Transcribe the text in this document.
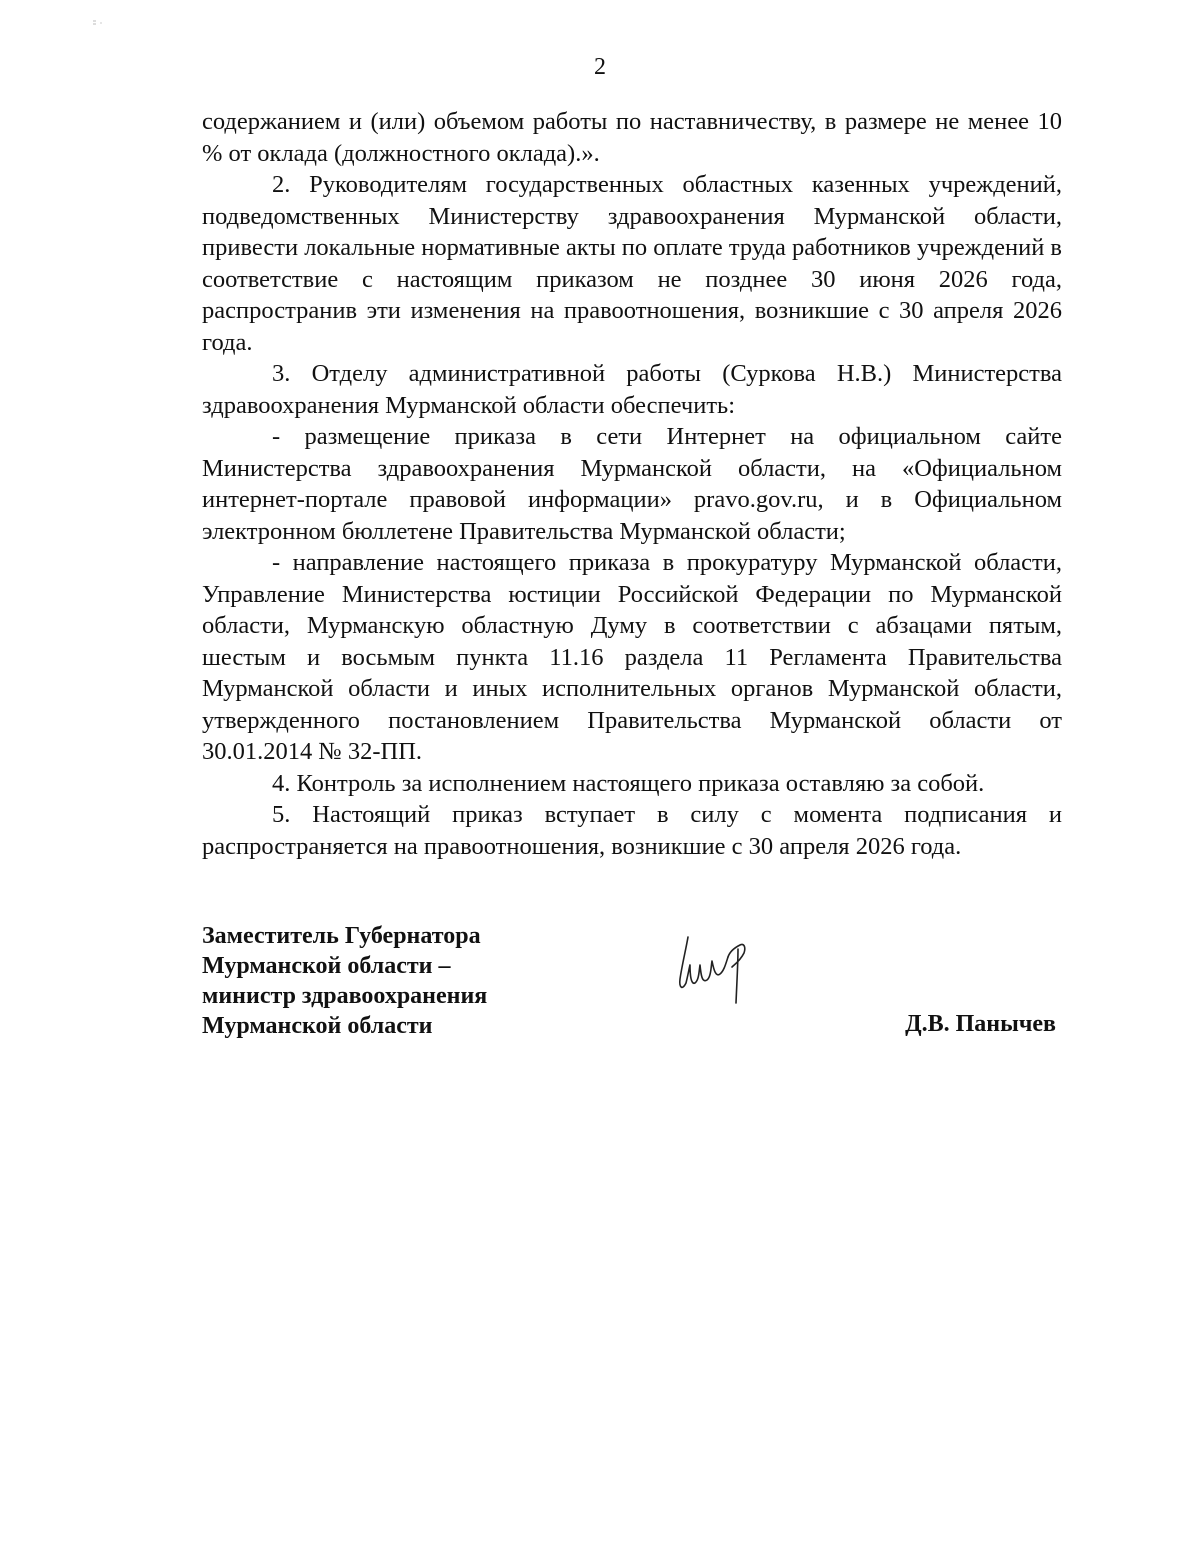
2

содержанием и (или) объемом работы по наставничеству, в размере не менее 10 % от оклада (должностного оклада).».

2. Руководителям государственных областных казенных учреждений, подведомственных Министерству здравоохранения Мурманской области, привести локальные нормативные акты по оплате труда работников учреждений в соответствие с настоящим приказом не позднее 30 июня 2026 года, распространив эти изменения на правоотношения, возникшие с 30 апреля 2026 года.

3. Отделу административной работы (Суркова Н.В.) Министерства здравоохранения Мурманской области обеспечить:

- размещение приказа в сети Интернет на официальном сайте Министерства здравоохранения Мурманской области, на «Официальном интернет-портале правовой информации» pravo.gov.ru, и в Официальном электронном бюллетене Правительства Мурманской области;

- направление настоящего приказа в прокуратуру Мурманской области, Управление Министерства юстиции Российской Федерации по Мурманской области, Мурманскую областную Думу в соответствии с абзацами пятым, шестым и восьмым пункта 11.16 раздела 11 Регламента Правительства Мурманской области и иных исполнительных органов Мурманской области, утвержденного постановлением Правительства Мурманской области от 30.01.2014 № 32-ПП.

4. Контроль за исполнением настоящего приказа оставляю за собой.

5. Настоящий приказ вступает в силу с момента подписания и распространяется на правоотношения, возникшие с 30 апреля 2026 года.

Заместитель Губернатора
Мурманской области –
министр здравоохранения
Мурманской области	Д.В. Панычев
